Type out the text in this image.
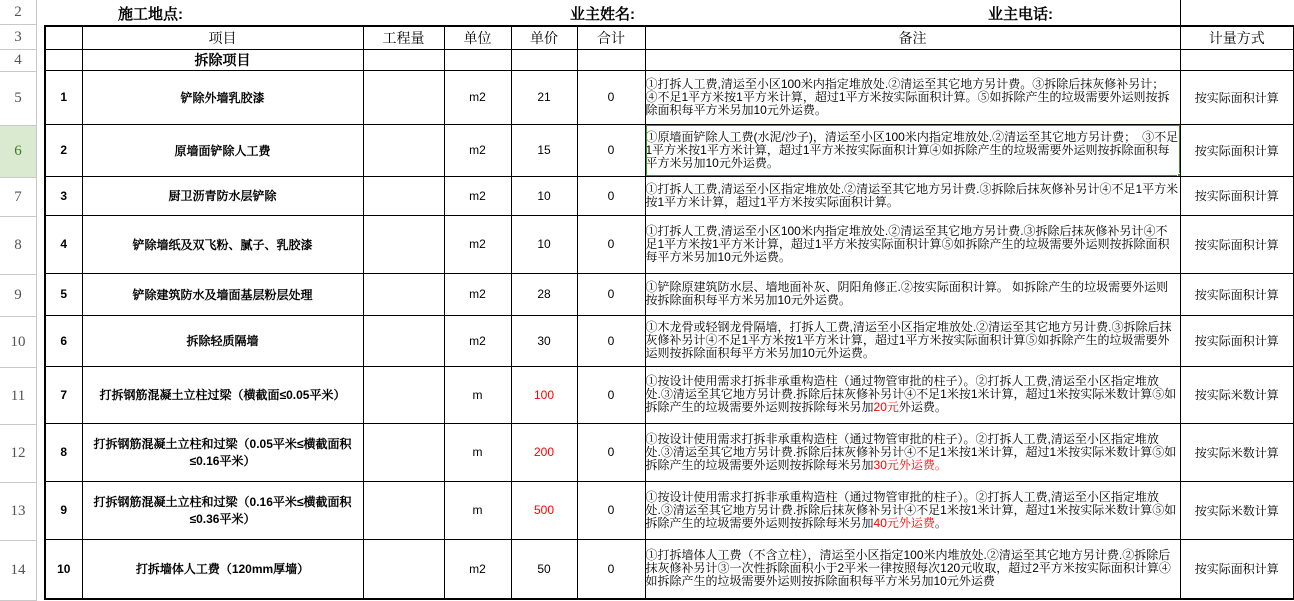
2
3
4
5
6
7
8
9
10
11
12
13
14
施工地点:	业主姓名:	业主电话:
	项目	工程量	单位	单价	合计	备注	计量方式
	拆除项目						
1	铲除外墙乳胶漆		m2	21	0	①打拆人工费,清运至小区100米内指定堆放处.②清运至其它地方另计费。③拆除后抹灰修补另计；　④不足1平方米按1平方米计算，超过1平方米按实际面积计算。⑤如拆除产生的垃圾需要外运则按拆除面积每平方米另加10元外运费。	按实际面积计算
2	原墙面铲除人工费		m2	15	0	①原墙面铲除人工费(水泥/沙子)，清运至小区100米内指定堆放处.②清运至其它地方另计费；　③不足1平方米按1平方米计算，超过1平方米按实际面积计算④如拆除产生的垃圾需要外运则按拆除面积每平方米另加10元外运费。	按实际面积计算
3	厨卫沥青防水层铲除		m2	10	0	①打拆人工费,清运至小区指定堆放处.②清运至其它地方另计费.③拆除后抹灰修补另计④不足1平方米按1平方米计算，超过1平方米按实际面积计算。	按实际面积计算
4	铲除墙纸及双飞粉、腻子、乳胶漆		m2	10	0	①打拆人工费,清运至小区100米内指定堆放处.②清运至其它地方另计费.③拆除后抹灰修补另计④不足1平方米按1平方米计算，超过1平方米按实际面积计算⑤如拆除产生的垃圾需要外运则按拆除面积每平方米另加10元外运费。	按实际面积计算
5	铲除建筑防水及墙面基层粉层处理		m2	28	0	①铲除原建筑防水层、墙地面补灰、阴阳角修正.②按实际面积计算。 如拆除产生的垃圾需要外运则按拆除面积每平方米另加10元外运费。	按实际面积计算
6	拆除轻质隔墙		m2	30	0	①木龙骨或轻钢龙骨隔墙，打拆人工费,清运至小区指定堆放处.②清运至其它地方另计费.③拆除后抹灰修补另计④不足1平方米按1平方米计算，超过1平方米按实际面积计算⑤如拆除产生的垃圾需要外运则按拆除面积每平方米另加10元外运费。	按实际面积计算
7	打拆钢筋混凝土立柱过梁（横截面≤0.05平米）		m	100	0	①按设计使用需求打拆非承重构造柱（通过物管审批的柱子）。②打拆人工费,清运至小区指定堆放处.③清运至其它地方另计费.拆除后抹灰修补另计④不足1米按1米计算，超过1米按实际米数计算⑤如拆除产生的垃圾需要外运则按拆除每米另加20元外运费。	按实际米数计算
8	打拆钢筋混凝土立柱和过梁（0.05平米≤横截面积≤0.16平米）		m	200	0	①按设计使用需求打拆非承重构造柱（通过物管审批的柱子）。②打拆人工费,清运至小区指定堆放处.③清运至其它地方另计费.拆除后抹灰修补另计④不足1米按1米计算，超过1米按实际米数计算⑤如拆除产生的垃圾需要外运则按拆除每米另加30元外运费。	按实际米数计算
9	打拆钢筋混凝土立柱和过梁（0.16平米≤横截面积≤0.36平米）		m	500	0	①按设计使用需求打拆非承重构造柱（通过物管审批的柱子）。②打拆人工费,清运至小区指定堆放处.③清运至其它地方另计费.拆除后抹灰修补另计④不足1米按1米计算，超过1米按实际米数计算⑤如拆除产生的垃圾需要外运则按拆除每米另加40元外运费。	按实际米数计算
10	打拆墙体人工费（120mm厚墙）		m2	50	0	①打拆墙体人工费（不含立柱），清运至小区指定100米内堆放处.②清运至其它地方另计费.②拆除后抹灰修补另计③一次性拆除面积小于2平米一律按照每次120元收取，超过2平方米按实际面积计算④如拆除产生的垃圾需要外运则按拆除面积每平方米另加10元外运费	按实际面积计算
